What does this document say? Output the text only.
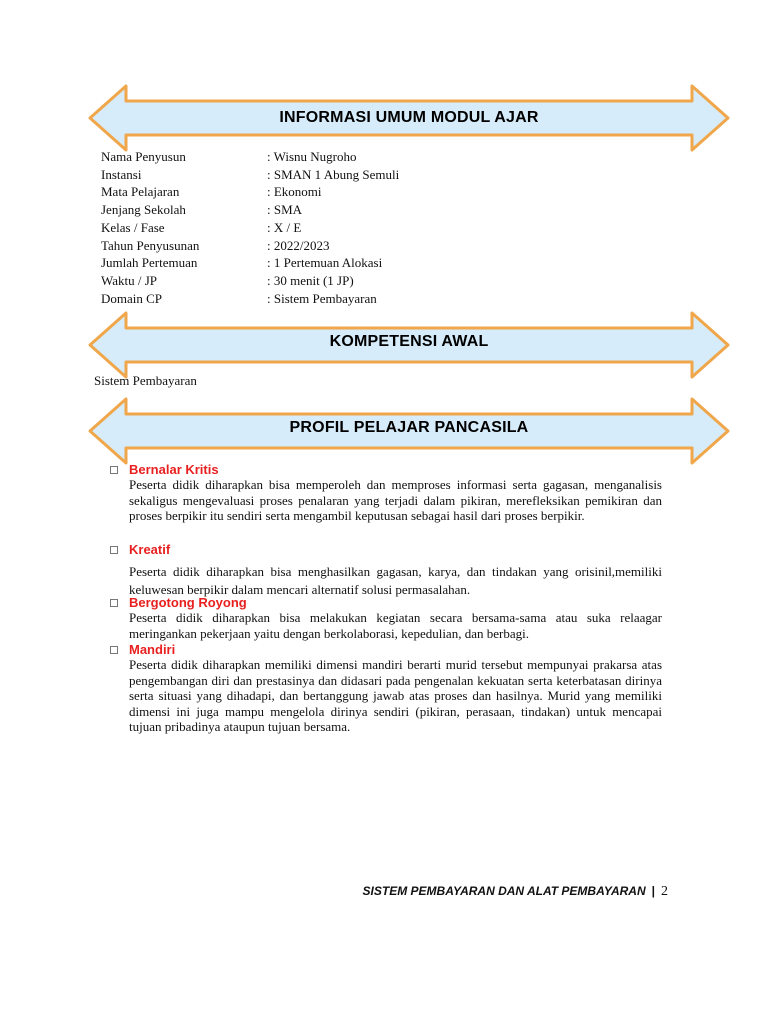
INFORMASI UMUM MODUL AJAR
Nama Penyusun	: Wisnu Nugroho
Instansi	: SMAN 1 Abung Semuli
Mata Pelajaran	: Ekonomi
Jenjang Sekolah	: SMA
Kelas / Fase	: X / E
Tahun Penyusunan	: 2022/2023
Jumlah Pertemuan	: 1 Pertemuan Alokasi
Waktu / JP	: 30 menit (1 JP)
Domain CP	: Sistem Pembayaran
KOMPETENSI AWAL
Sistem Pembayaran
PROFIL PELAJAR PANCASILA
Bernalar Kritis
Peserta didik diharapkan bisa memperoleh dan memproses informasi serta gagasan, menganalisis sekaligus mengevaluasi proses penalaran yang terjadi dalam pikiran, merefleksikan pemikiran dan proses berpikir itu sendiri serta mengambil keputusan sebagai hasil dari proses berpikir.
Kreatif
Peserta didik diharapkan bisa menghasilkan gagasan, karya, dan tindakan yang orisinil,memiliki keluwesan berpikir dalam mencari alternatif solusi permasalahan.
Bergotong Royong
Peserta didik diharapkan bisa melakukan kegiatan secara bersama-sama atau suka relaagar meringankan pekerjaan yaitu dengan berkolaborasi, kepedulian, dan berbagi.
Mandiri
Peserta didik diharapkan memiliki dimensi mandiri berarti murid tersebut mempunyai prakarsa atas pengembangan diri dan prestasinya dan didasari pada pengenalan kekuatan serta keterbatasan dirinya serta situasi yang dihadapi, dan bertanggung jawab atas proses dan hasilnya. Murid yang memiliki dimensi ini juga mampu mengelola dirinya sendiri (pikiran, perasaan, tindakan) untuk mencapai tujuan pribadinya ataupun tujuan bersama.
SISTEM PEMBAYARAN DAN ALAT PEMBAYARAN | 2
